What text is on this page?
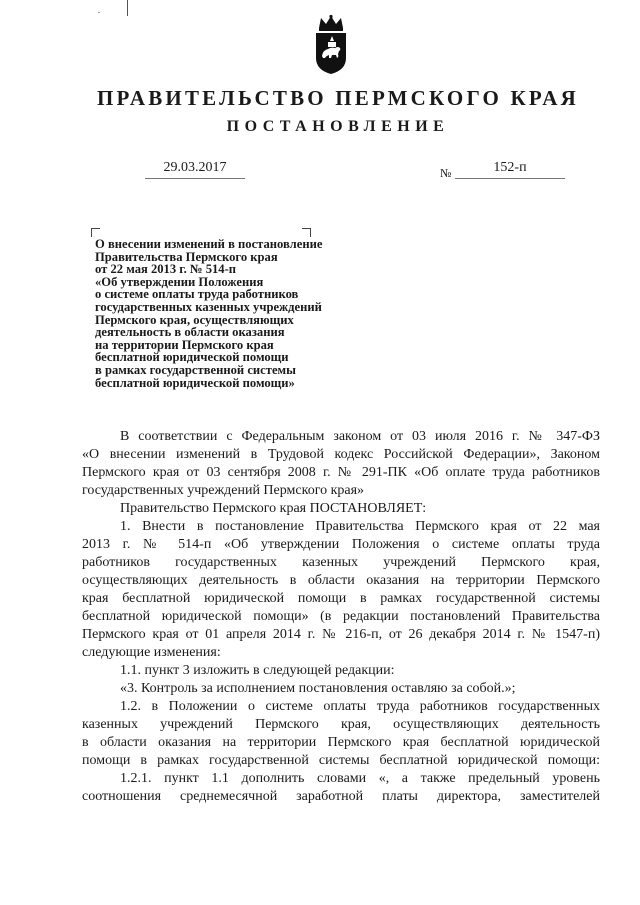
ПРАВИТЕЛЬСТВО ПЕРМСКОГО КРАЯ
ПОСТАНОВЛЕНИЕ
29.03.2017	№	152-п
О внесении изменений в постановление
Правительства Пермского края
от 22 мая 2013 г. № 514-п
«Об утверждении Положения
о системе оплаты труда работников
государственных казенных учреждений
Пермского края, осуществляющих
деятельность в области оказания
на территории Пермского края
бесплатной юридической помощи
в рамках государственной системы
бесплатной юридической помощи»
В соответствии с Федеральным законом от 03 июля 2016 г. № 347-ФЗ
«О внесении изменений в Трудовой кодекс Российской Федерации», Законом
Пермского края от 03 сентября 2008 г. № 291-ПК «Об оплате труда работников
государственных учреждений Пермского края»
Правительство Пермского края ПОСТАНОВЛЯЕТ:
1. Внести в постановление Правительства Пермского края от 22 мая
2013 г. № 514-п «Об утверждении Положения о системе оплаты труда
работников государственных казенных учреждений Пермского края,
осуществляющих деятельность в области оказания на территории Пермского
края бесплатной юридической помощи в рамках государственной системы
бесплатной юридической помощи» (в редакции постановлений Правительства
Пермского края от 01 апреля 2014 г. № 216-п, от 26 декабря 2014 г. № 1547-п)
следующие изменения:
1.1. пункт 3 изложить в следующей редакции:
«3. Контроль за исполнением постановления оставляю за собой.»;
1.2. в Положении о системе оплаты труда работников государственных
казенных учреждений Пермского края, осуществляющих деятельность
в области оказания на территории Пермского края бесплатной юридической
помощи в рамках государственной системы бесплатной юридической помощи:
1.2.1. пункт 1.1 дополнить словами «, а также предельный уровень
соотношения среднемесячной заработной платы директора, заместителей
